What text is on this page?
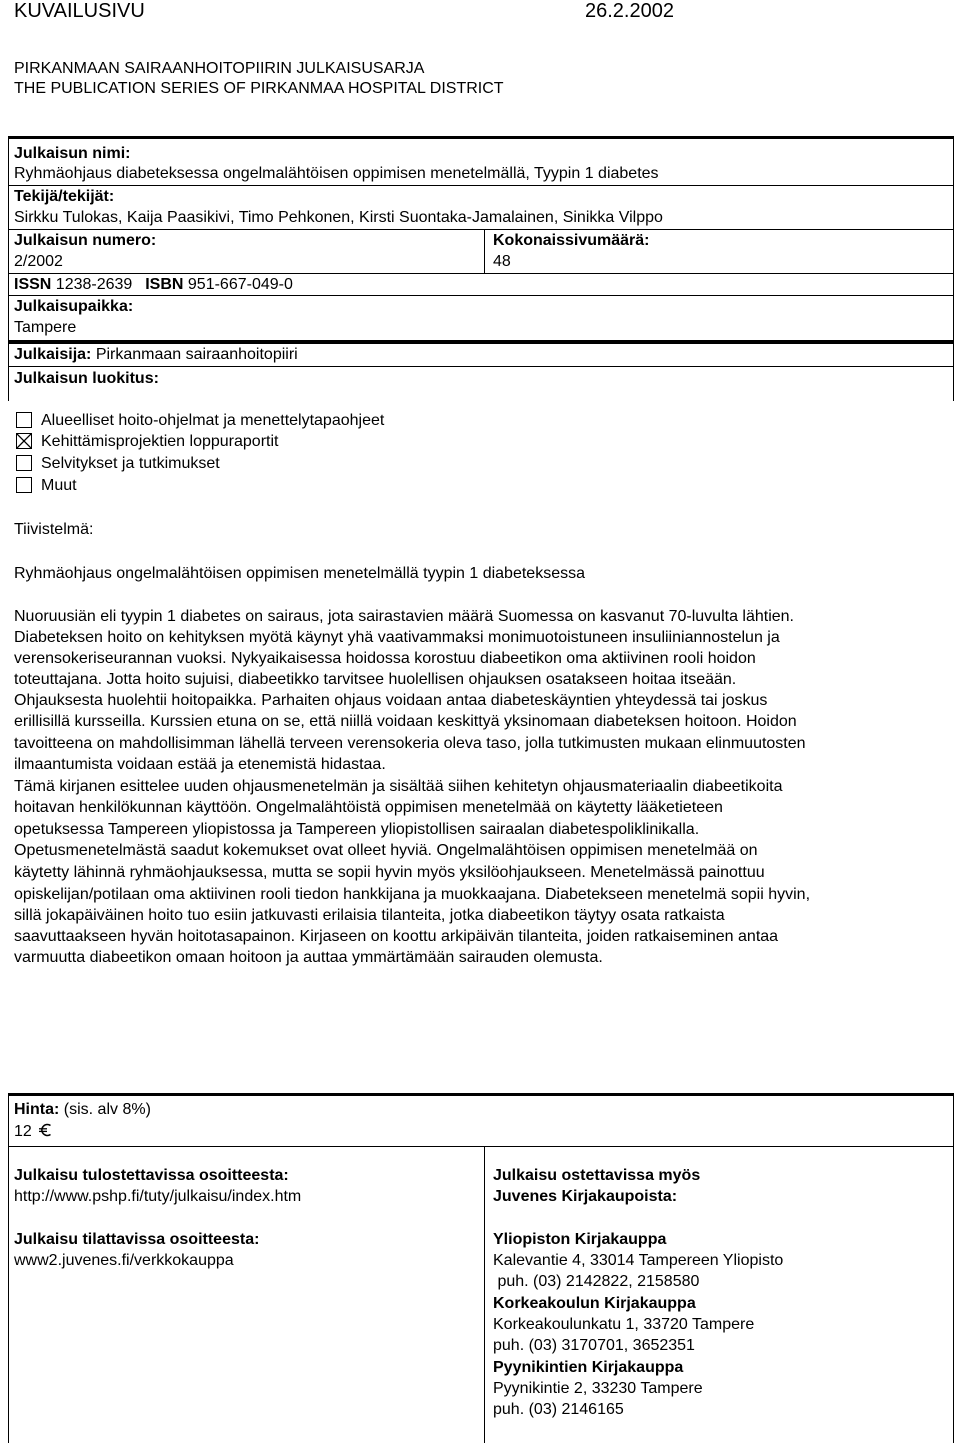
KUVAILUSIVU	26.2.2002
PIRKANMAAN SAIRAANHOITOPIIRIN JULKAISUSARJA
THE PUBLICATION SERIES OF PIRKANMAA HOSPITAL DISTRICT
Julkaisun nimi:
Ryhmäohjaus diabeteksessa ongelmalähtöisen oppimisen menetelmällä, Tyypin 1 diabetes
Tekijä/tekijät:
Sirkku Tulokas, Kaija Paasikivi, Timo Pehkonen, Kirsti Suontaka-Jamalainen, Sinikka Vilppo
Julkaisun numero:
2/2002
Kokonaissivumäärä:
48
ISSN 1238-2639 ISBN 951-667-049-0
Julkaisupaikka:
Tampere
Julkaisija: Pirkanmaan sairaanhoitopiiri
Julkaisun luokitus:
Alueelliset hoito-ohjelmat ja menettelytapaohjeet
Kehittämisprojektien loppuraportit
Selvitykset ja tutkimukset
Muut
Tiivistelmä:
Ryhmäohjaus ongelmalähtöisen oppimisen menetelmällä tyypin 1 diabeteksessa
Nuoruusiän eli tyypin 1 diabetes on sairaus, jota sairastavien määrä Suomessa on kasvanut 70-luvulta lähtien.
Diabeteksen hoito on kehityksen myötä käynyt yhä vaativammaksi monimuotoistuneen insuliiniannostelun ja
verensokeriseurannan vuoksi. Nykyaikaisessa hoidossa korostuu diabeetikon oma aktiivinen rooli hoidon
toteuttajana. Jotta hoito sujuisi, diabeetikko tarvitsee huolellisen ohjauksen osatakseen hoitaa itseään.
Ohjauksesta huolehtii hoitopaikka. Parhaiten ohjaus voidaan antaa diabeteskäyntien yhteydessä tai joskus
erillisillä kursseilla. Kurssien etuna on se, että niillä voidaan keskittyä yksinomaan diabeteksen hoitoon. Hoidon
tavoitteena on mahdollisimman lähellä terveen verensokeria oleva taso, jolla tutkimusten mukaan elinmuutosten
ilmaantumista voidaan estää ja etenemistä hidastaa.
Tämä kirjanen esittelee uuden ohjausmenetelmän ja sisältää siihen kehitetyn ohjausmateriaalin diabeetikoita
hoitavan henkilökunnan käyttöön. Ongelmalähtöistä oppimisen menetelmää on käytetty lääketieteen
opetuksessa Tampereen yliopistossa ja Tampereen yliopistollisen sairaalan diabetespoliklinikalla.
Opetusmenetelmästä saadut kokemukset ovat olleet hyviä. Ongelmalähtöisen oppimisen menetelmää on
käytetty lähinnä ryhmäohjauksessa, mutta se sopii hyvin myös yksilöohjaukseen. Menetelmässä painottuu
opiskelijan/potilaan oma aktiivinen rooli tiedon hankkijana ja muokkaajana. Diabetekseen menetelmä sopii hyvin,
sillä jokapäiväinen hoito tuo esiin jatkuvasti erilaisia tilanteita, jotka diabeetikon täytyy osata ratkaista
saavuttaakseen hyvän hoitotasapainon. Kirjaseen on koottu arkipäivän tilanteita, joiden ratkaiseminen antaa
varmuutta diabeetikon omaan hoitoon ja auttaa ymmärtämään sairauden olemusta.
Hinta: (sis. alv 8%)
12
Julkaisu tulostettavissa osoitteesta:
http://www.pshp.fi/tuty/julkaisu/index.htm
Julkaisu tilattavissa osoitteesta:
www2.juvenes.fi/verkkokauppa
Julkaisu ostettavissa myös
Juvenes Kirjakaupoista:
Yliopiston Kirjakauppa
Kalevantie 4, 33014 Tampereen Yliopisto
puh. (03) 2142822, 2158580
Korkeakoulun Kirjakauppa
Korkeakoulunkatu 1, 33720 Tampere
puh. (03) 3170701, 3652351
Pyynikintien Kirjakauppa
Pyynikintie 2, 33230 Tampere
puh. (03) 2146165
